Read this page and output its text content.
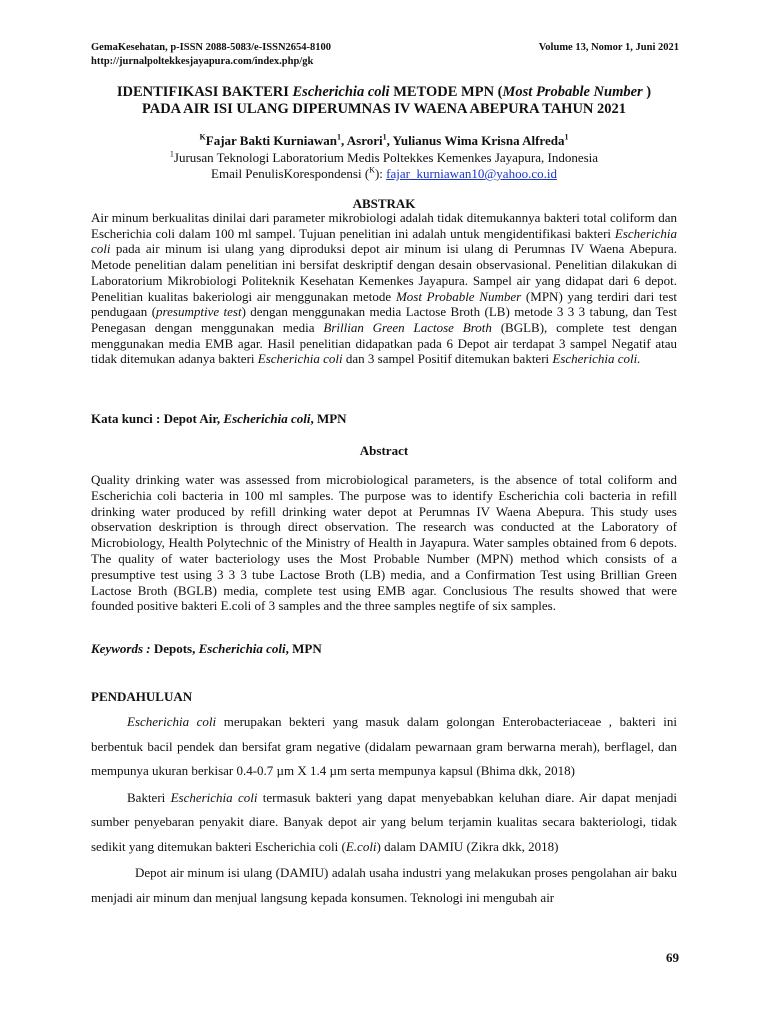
GemaKesehatan, p-ISSN 2088-5083/e-ISSN2654-8100
http://jurnalpoltekkesjayapura.com/index.php/gk
Volume 13, Nomor 1, Juni 2021
IDENTIFIKASI BAKTERI Escherichia coli METODE MPN (Most Probable Number )
PADA AIR ISI ULANG DIPERUMNAS IV WAENA ABEPURA TAHUN 2021
$^K$Fajar Bakti Kurniawan$^1$, Asrori$^1$, Yulianus Wima Krisna Alfreda$^1$
$^1$Jurusan Teknologi Laboratorium Medis Poltekkes Kemenkes Jayapura, Indonesia
Email PenulisKorespondensi ($^K$): fajar_kurniawan10@yahoo.co.id
ABSTRAK
Air minum berkualitas dinilai dari parameter mikrobiologi adalah tidak ditemukannya bakteri total coliform dan Escherichia coli dalam 100 ml sampel. Tujuan penelitian ini adalah untuk mengidentifikasi bakteri Escherichia coli pada air minum isi ulang yang diproduksi depot air minum isi ulang di Perumnas IV Waena Abepura. Metode penelitian dalam penelitian ini bersifat deskriptif dengan desain observasional. Penelitian dilakukan di Laboratorium Mikrobiologi Politeknik Kesehatan Kemenkes Jayapura. Sampel air yang didapat dari 6 depot. Penelitian kualitas bakeriologi air menggunakan metode Most Probable Number (MPN) yang terdiri dari test pendugaan (presumptive test) dengan menggunakan media Lactose Broth (LB) metode 3 3 3 tabung, dan Test Penegasan dengan menggunakan media Brillian Green Lactose Broth (BGLB), complete test dengan menggunakan media EMB agar. Hasil penelitian didapatkan pada 6 Depot air terdapat 3 sampel Negatif atau tidak ditemukan adanya bakteri Escherichia coli dan 3 sampel Positif ditemukan bakteri Escherichia coli.
Kata kunci : Depot Air, Escherichia coli, MPN
Abstract
Quality drinking water was assessed from microbiological parameters, is the absence of total coliform and Escherichia coli bacteria in 100 ml samples. The purpose was to identify Escherichia coli bacteria in refill drinking water produced by refill drinking water depot at Perumnas IV Waena Abepura. This study uses observation deskription is through direct observation. The research was conducted at the Laboratory of Microbiology, Health Polytechnic of the Ministry of Health in Jayapura. Water samples obtained from 6 depots. The quality of water bacteriology uses the Most Probable Number (MPN) method which consists of a presumptive test using 3 3 3 tube Lactose Broth (LB) media, and a Confirmation Test using Brillian Green Lactose Broth (BGLB) media, complete test using EMB agar. Conclusious The results showed that were founded positive bakteri E.coli of 3 samples and the three samples negtife of six samples.
Keywords : Depots, Escherichia coli, MPN
PENDAHULUAN

Escherichia coli merupakan bekteri yang masuk dalam golongan Enterobacteriaceae , bakteri ini berbentuk bacil pendek dan bersifat gram negative (didalam pewarnaan gram berwarna merah), berflagel, dan mempunya ukuran berkisar 0.4-0.7 µm X 1.4 µm serta mempunya kapsul (Bhima dkk, 2018)

Bakteri Escherichia coli termasuk bakteri yang dapat menyebabkan keluhan diare. Air dapat menjadi sumber penyebaran penyakit diare. Banyak depot air yang belum terjamin kualitas secara bakteriologi, tidak sedikit yang ditemukan bakteri Escherichia coli (E.coli) dalam DAMIU (Zikra dkk, 2018)

Depot air minum isi ulang (DAMIU) adalah usaha industri yang melakukan proses pengolahan air baku menjadi air minum dan menjual langsung kepada konsumen. Teknologi ini mengubah air

69
